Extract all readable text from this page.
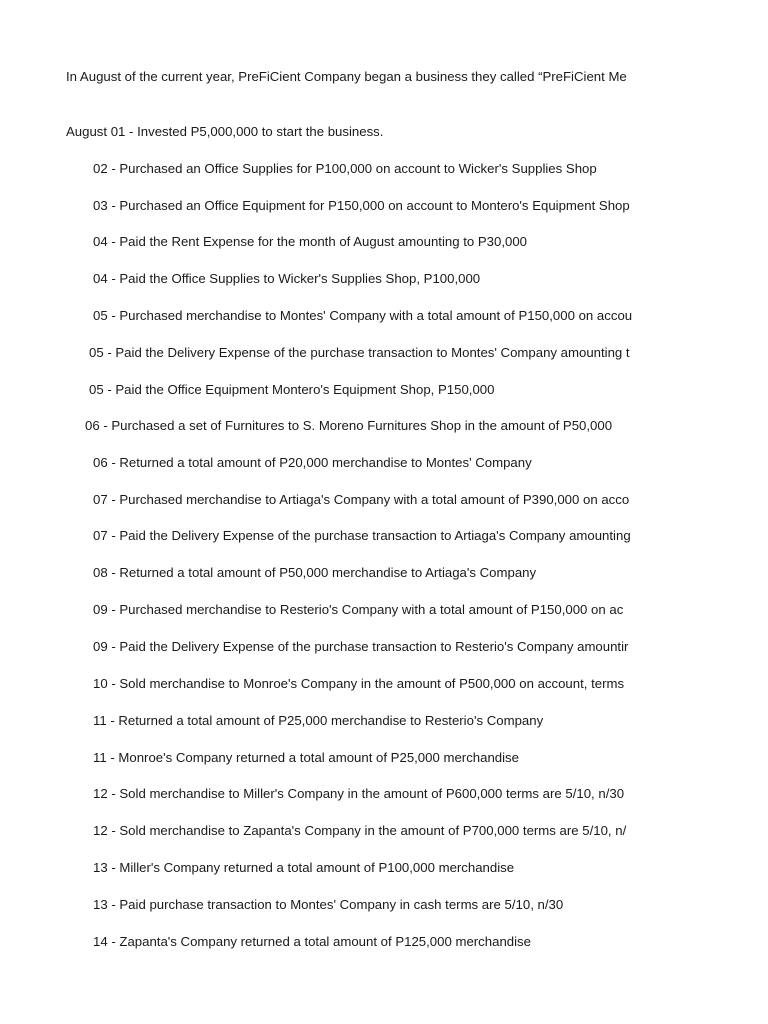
In August of the current year, PreFiCient Company began a business they called “PreFiCient Me
August 01 - Invested P5,000,000 to start the business.
02 - Purchased an Office Supplies for P100,000 on account to Wicker's Supplies Shop
03 - Purchased an Office Equipment for P150,000 on account to Montero's Equipment Shop
04 - Paid the Rent Expense for the month of August amounting to P30,000
04 - Paid the Office Supplies to Wicker's Supplies Shop, P100,000
05 - Purchased merchandise to Montes' Company with a total amount of P150,000 on accou
05 - Paid the Delivery Expense of the purchase transaction to Montes' Company amounting t
05 - Paid the Office Equipment Montero's Equipment Shop, P150,000
06 - Purchased a set of Furnitures to S. Moreno Furnitures Shop in the amount of P50,000
06 - Returned a total amount of P20,000 merchandise to Montes' Company
07 - Purchased merchandise to Artiaga's Company with a total amount of P390,000 on acco
07 - Paid the Delivery Expense of the purchase transaction to Artiaga's Company amounting
08 - Returned a total amount of P50,000 merchandise to Artiaga's Company
09 - Purchased merchandise to Resterio's Company with a total amount of P150,000 on ac
09 - Paid the Delivery Expense of the purchase transaction to Resterio's Company amountir
10 - Sold merchandise to Monroe's Company in the amount of P500,000 on account, terms
11 - Returned a total amount of P25,000 merchandise to Resterio's Company
11 - Monroe's Company returned a total amount of P25,000 merchandise
12 - Sold merchandise to Miller's Company in the amount of P600,000 terms are 5/10, n/30
12 - Sold merchandise to Zapanta's Company in the amount of P700,000 terms are 5/10, n/
13 - Miller's Company returned a total amount of P100,000 merchandise
13 - Paid purchase transaction to Montes' Company in cash terms are 5/10, n/30
14 - Zapanta's Company returned a total amount of P125,000 merchandise
